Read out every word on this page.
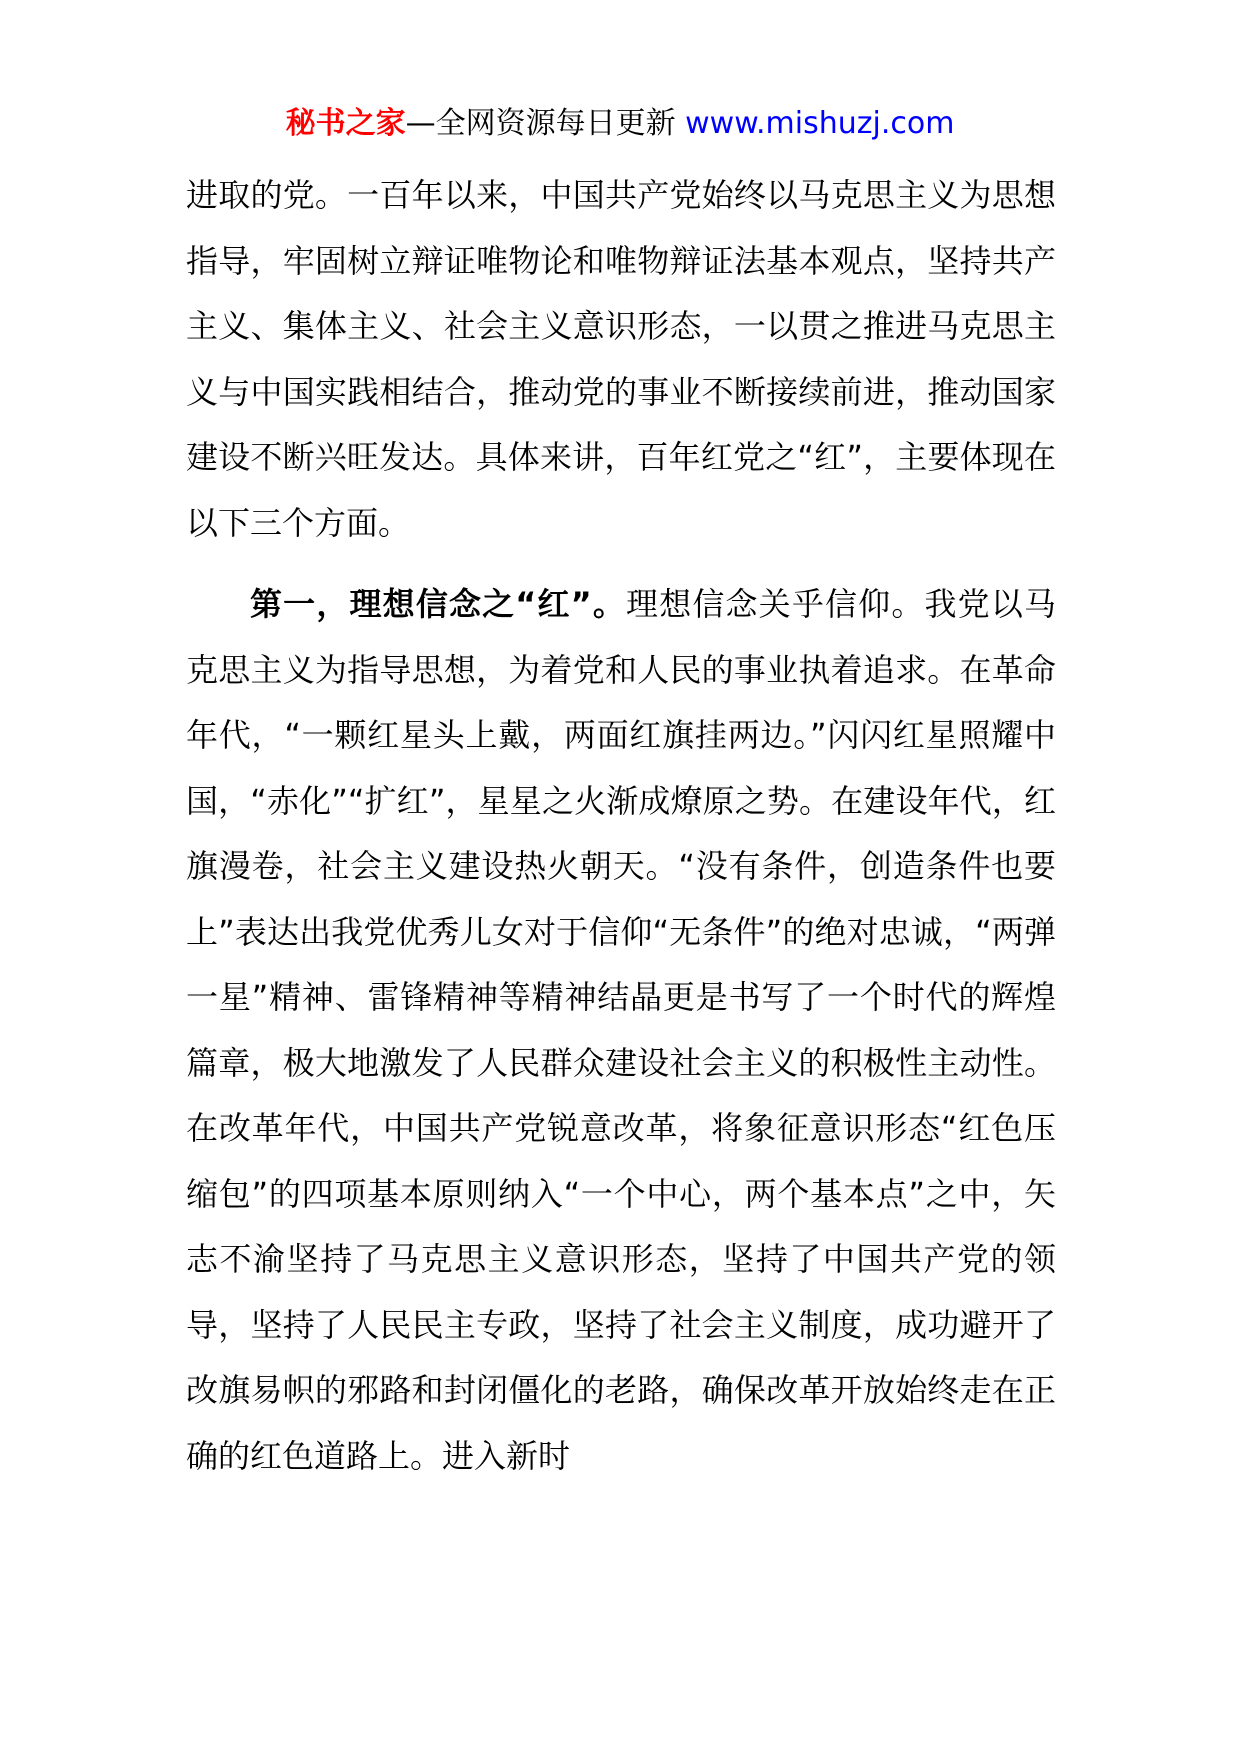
秘书之家—全网资源每日更新 www.mishuzj.com

进取的党。一百年以来，中国共产党始终以马克思主义为思想指导，牢固树立辩证唯物论和唯物辩证法基本观点，坚持共产主义、集体主义、社会主义意识形态，一以贯之推进马克思主义与中国实践相结合，推动党的事业不断接续前进，推动国家建设不断兴旺发达。具体来讲，百年红党之“红”，主要体现在以下三个方面。

第一，理想信念之“红”。理想信念关乎信仰。我党以马克思主义为指导思想，为着党和人民的事业执着追求。在革命年代，“一颗红星头上戴，两面红旗挂两边。”闪闪红星照耀中国，“赤化”“扩红”，星星之火渐成燎原之势。在建设年代，红旗漫卷，社会主义建设热火朝天。“没有条件，创造条件也要上”表达出我党优秀儿女对于信仰“无条件”的绝对忠诚，“两弹一星”精神、雷锋精神等精神结晶更是书写了一个时代的辉煌篇章，极大地激发了人民群众建设社会主义的积极性主动性。在改革年代，中国共产党锐意改革，将象征意识形态“红色压缩包”的四项基本原则纳入“一个中心，两个基本点”之中，矢志不渝坚持了马克思主义意识形态，坚持了中国共产党的领导，坚持了人民民主专政，坚持了社会主义制度，成功避开了改旗易帜的邪路和封闭僵化的老路，确保改革开放始终走在正确的红色道路上。进入新时
